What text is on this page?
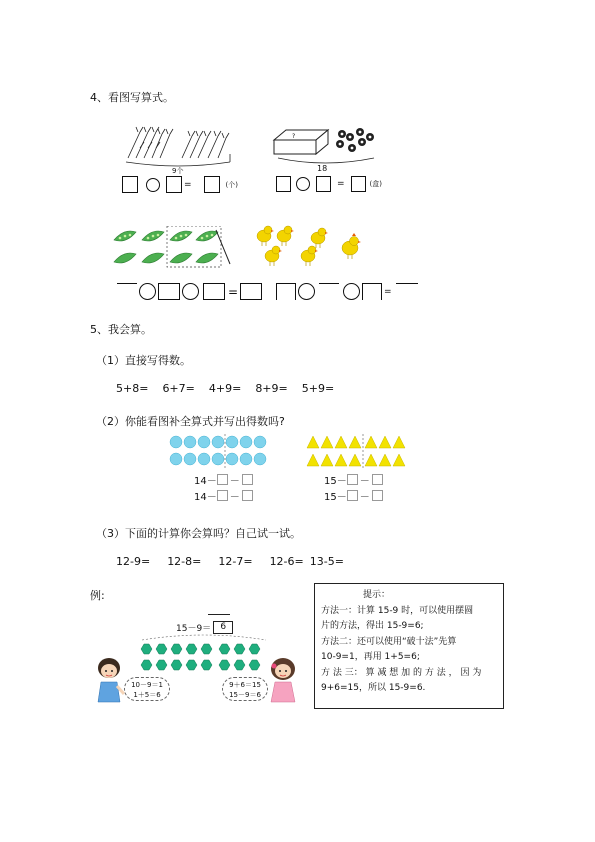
4、看图写算式。
9个
=	(个)
?
18
=	(盒)
=	=
5、我会算。
（1）直接写得数。
5+8= 6+7= 4+9= 8+9= 5+9=
（2）你能看图补全算式并写出得数吗?
14－ －
14－ －
15－ －
15－ －
（3）下面的计算你会算吗？自己试一试。
12-9= 12-8= 12-7= 12-6= 13-5=
例:
15－9＝	6
10－9＝1
1＋5＝6
9＋6＝15
15－9＝6

提示：

方法一：计算 15-9 时，可以使用摆圆

片的方法，得出 15-9=6;

方法二：还可以使用“破十法”先算

10-9=1，再用 1+5=6;

方 法 三： 算 减 想 加 的 方 法 ， 因 为

9+6=15，所以 15-9=6.
